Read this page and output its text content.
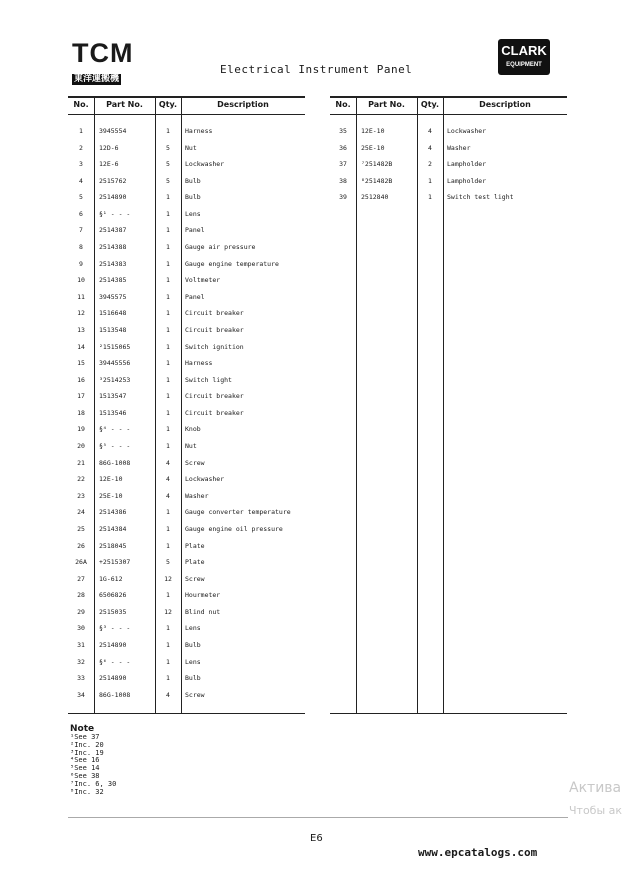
TCM
東洋運搬機
Electrical Instrument Panel
CLARK
EQUIPMENT
No.	Part No.	Qty.	Description
1	3945554	1	Harness
2	12D-6	5	Nut
3	12E-6	5	Lockwasher
4	2515762	5	Bulb
5	2514890	1	Bulb
6	§¹ - - -	1	Lens
7	2514387	1	Panel
8	2514388	1	Gauge air pressure
9	2514383	1	Gauge engine temperature
10	2514385	1	Voltmeter
11	3945575	1	Panel
12	1516648	1	Circuit breaker
13	1513548	1	Circuit breaker
14	²1515065	1	Switch ignition
15	39445556	1	Harness
16	³2514253	1	Switch light
17	1513547	1	Circuit breaker
18	1513546	1	Circuit breaker
19	§⁴ - - -	1	Knob
20	§⁵ - - -	1	Nut
21	86G-1008	4	Screw
22	12E-10	4	Lockwasher
23	25E-10	4	Washer
24	2514386	1	Gauge converter temperature
25	2514384	1	Gauge engine oil pressure
26	2518045	1	Plate
26A	+2515307	5	Plate
27	1G-612	12	Screw
28	6506826	1	Hourmeter
29	2515035	12	Blind nut
30	§³ - - -	1	Lens
31	2514890	1	Bulb
32	§⁶ - - -	1	Lens
33	2514890	1	Bulb
34	86G-1008	4	Screw
No.	Part No.	Qty.	Description
35	12E-10	4	Lockwasher
36	25E-10	4	Washer
37	⁷251482B	2	Lampholder
38	⁸251482B	1	Lampholder
39	2512840	1	Switch test light
Note
¹See 37
²Inc. 20
³Inc. 19
⁴See 16
⁵See 14
⁶See 38
⁷Inc. 6, 30
⁸Inc. 32
E6
www.epcatalogs.com
Актива
Чтобы ак
